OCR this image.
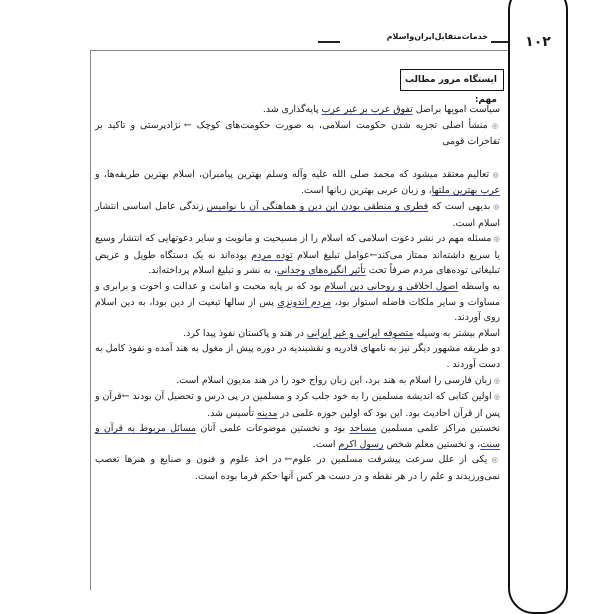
۱۰۲
خدمات‌متقابل‌ایران‌واسلام
ایستگاه مرور مطالب مهم:

سیاست امویها براصل تفوق عرب بر غیر عرب پایه‌گذاری شد.

◎ منشأ اصلی تجزیه شدن حکومت اسلامی، به صورت حکومت‌های کوچک ← نژادپرستی و تاکید بر تفاخرات قومی

◎ تعالیم معتقد میشود که محمد صلی الله علیه وآله وسلم بهترین پیامبران، اسلام بهترین طریقه‌ها، و عرب بهترین ملتها، و زبان عربی بهترین زبانها است.

◎ بدیهی است که فطری و منطقی بودن این دین و هماهنگی آن با نوامیس زندگی عامل اساسی انتشار اسلام است.

◎ مسئله مهم در نشر دعوت اسلامی که اسلام را از مسیحیت و مانویت و سایر دعوتهایی که انتشار وسیع یا سریع داشته‌اند ممتاز می‌کند←عوامل تبلیغ اسلام توده مردم بوده‌اند نه یک دستگاه طویل و عریض تبلیغاتی توده‌های مردم صرفاً تحت تأثیر انگیزه‌های وجدانی، به نشر و تبلیغ اسلام پرداخته‌اند.

به واسطه اصول اخلاقی و روحانی دین اسلام بود که بر پایه محبت و امانت و عدالت و اخوت و برابری و مساوات و سایر ملکات فاضله استوار بود، مردم اندونزی پس از سالها تبعیت از دین بودا، به دین اسلام روی آوردند.

اسلام بیشتر به وسیله متصوفه ایرانی و غیر ایرانی در هند و پاکستان نفوذ پیدا کرد.

دو طریقه مشهور دیگر نیز به نامهای قادریه و نقشبندیه در دوره پیش از مغول به هند آمده و نفوذ کامل به دست آوردند .

◎ زبان فارسی را اسلام به هند برد، این زبان رواج خود را در هند مدیون اسلام است.

◎ اولین کتابی که اندیشه مسلمین را به خود جلب کرد و مسلمین در پی درس و تحصیل آن بودند ←قرآن و پس از قرآن احادیث بود. این بود که اولین حوزه علمی در مدینه تأسیس شد.

نخستین مراکز علمی مسلمین مساجد بود و نخستین موضوعات علمی آنان مسائل مربوط به قرآن و سنت، و نخستین معلم شخص رسول اکرم است.

◎ یکی از علل سرعت پیشرفت مسلمین در علوم← در اخذ علوم و فنون و صنایع و هنرها تعصب نمی‌ورزیدند و علم را در هر نقطه و در دست هر کس آنها حکم فرما بوده است.
